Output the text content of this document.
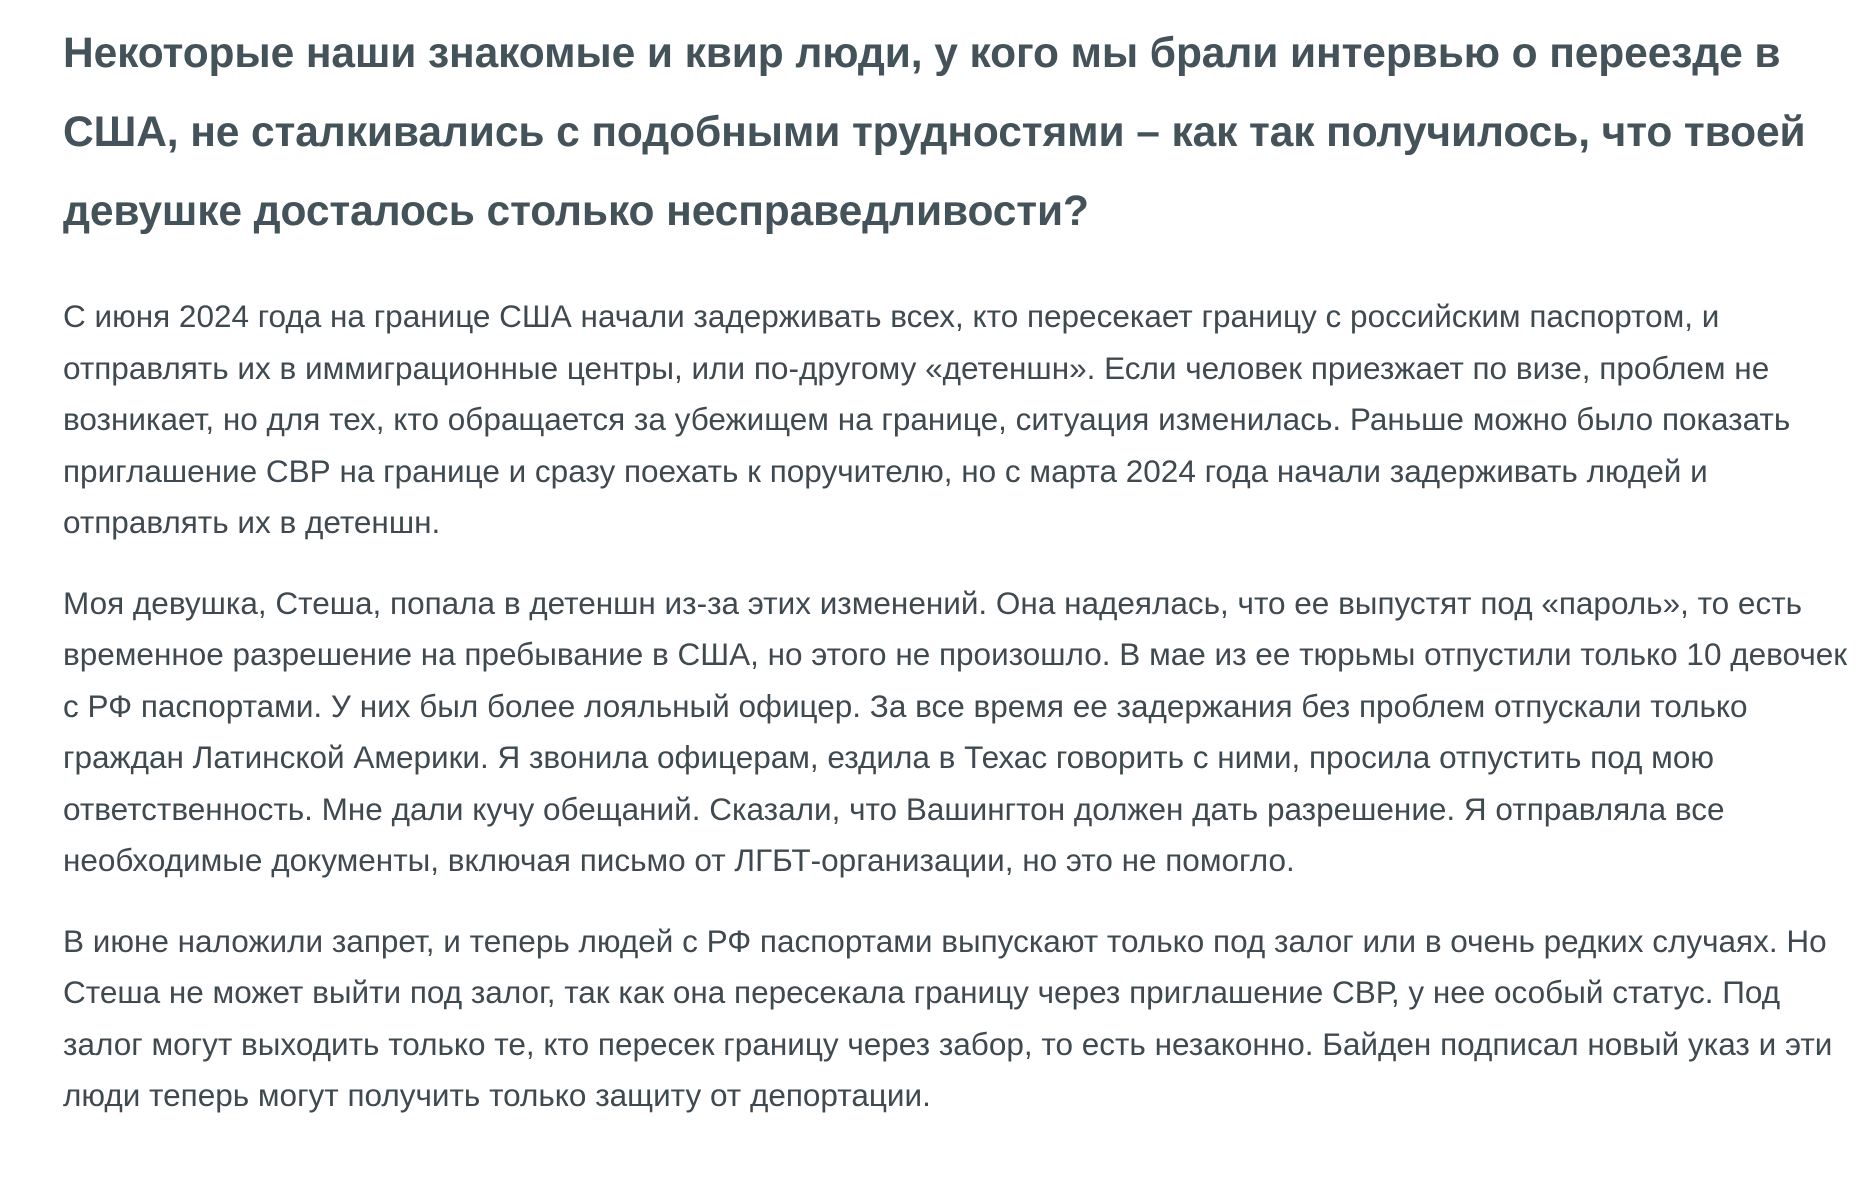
Некоторые наши знакомые и квир люди, у кого мы брали интервью о переезде в США, не сталкивались с подобными трудностями – как так получилось, что твоей девушке досталось столько несправедливости?

С июня 2024 года на границе США начали задерживать всех, кто пересекает границу с российским паспортом, и отправлять их в иммиграционные центры, или по-другому «детеншн». Если человек приезжает по визе, проблем не возникает, но для тех, кто обращается за убежищем на границе, ситуация изменилась. Раньше можно было показать приглашение СВР на границе и сразу поехать к поручителю, но с марта 2024 года начали задерживать людей и отправлять их в детеншн.

Моя девушка, Стеша, попала в детеншн из-за этих изменений. Она надеялась, что ее выпустят под «пароль», то есть временное разрешение на пребывание в США, но этого не произошло. В мае из ее тюрьмы отпустили только 10 девочек с РФ паспортами. У них был более лояльный офицер. За все время ее задержания без проблем отпускали только граждан Латинской Америки. Я звонила офицерам, ездила в Техас говорить с ними, просила отпустить под мою ответственность. Мне дали кучу обещаний. Сказали, что Вашингтон должен дать разрешение. Я отправляла все необходимые документы, включая письмо от ЛГБТ-организации, но это не помогло.

В июне наложили запрет, и теперь людей с РФ паспортами выпускают только под залог или в очень редких случаях. Но Стеша не может выйти под залог, так как она пересекала границу через приглашение СВР, у нее особый статус. Под залог могут выходить только те, кто пересек границу через забор, то есть незаконно. Байден подписал новый указ и эти люди теперь могут получить только защиту от депортации.
